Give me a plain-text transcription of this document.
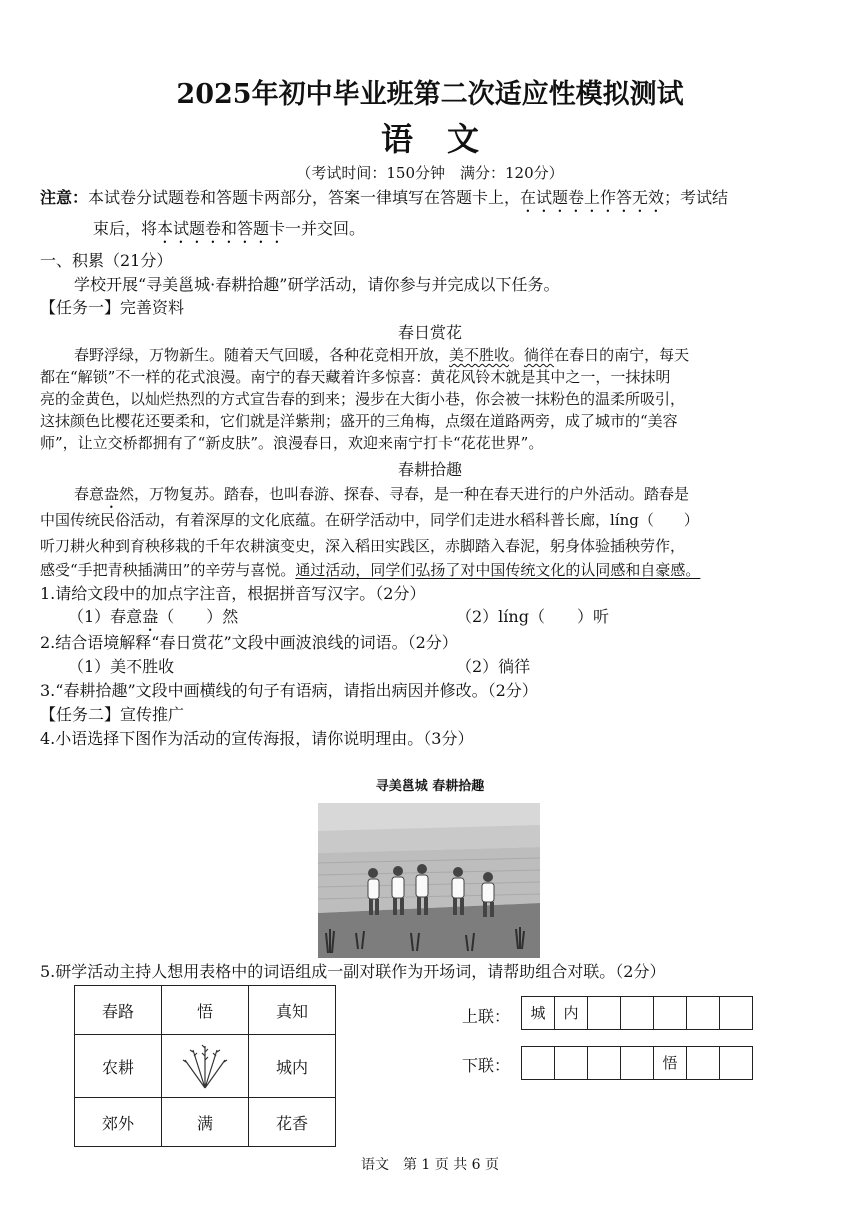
2025年初中毕业班第二次适应性模拟测试
语文
（考试时间：150分钟　满分：120分）
注意：本试卷分试题卷和答题卡两部分，答案一律填写在答题卡上，在试题卷上作答无效；考试结
束后，将本试题卷和答题卡一并交回。
一、积累（21分）
学校开展“寻美邕城·春耕拾趣”研学活动，请你参与并完成以下任务。
【任务一】完善资料
春日赏花
春野浮绿，万物新生。随着天气回暖，各种花竞相开放，美不胜收。徜徉在春日的南宁，每天
都在“解锁”不一样的花式浪漫。南宁的春天藏着许多惊喜：黄花风铃木就是其中之一，一抹抹明
亮的金黄色，以灿烂热烈的方式宣告春的到来；漫步在大街小巷，你会被一抹粉色的温柔所吸引，
这抹颜色比樱花还要柔和，它们就是洋紫荆；盛开的三角梅，点缀在道路两旁，成了城市的“美容
师”，让立交桥都拥有了“新皮肤”。浪漫春日，欢迎来南宁打卡“花花世界”。
春耕拾趣
春意盎然，万物复苏。踏春，也叫春游、探春、寻春，是一种在春天进行的户外活动。踏春是
中国传统民俗活动，有着深厚的文化底蕴。在研学活动中，同学们走进水稻科普长廊，líng（　　）
听刀耕火种到育秧移栽的千年农耕演变史，深入稻田实践区，赤脚踏入春泥，躬身体验插秧劳作，
感受“手把青秧插满田”的辛劳与喜悦。通过活动，同学们弘扬了对中国传统文化的认同感和自豪感。
1.请给文段中的加点字注音，根据拼音写汉字。（2分）
（1）春意盎（　　）然	（2）líng（　　）听
2.结合语境解释“春日赏花”文段中画波浪线的词语。（2分）
（1）美不胜收	（2）徜徉
3.“春耕拾趣”文段中画横线的句子有语病，请指出病因并修改。（2分）
【任务二】宣传推广
4.小语选择下图作为活动的宣传海报，请你说明理由。（3分）
寻美邕城 春耕拾趣
5.研学活动主持人想用表格中的词语组成一副对联作为开场词，请帮助组合对联。（2分）
春路	悟	真知
农耕		城内
郊外	满	花香
上联：	城	内
下联：	悟
语文　第 1 页 共 6 页
